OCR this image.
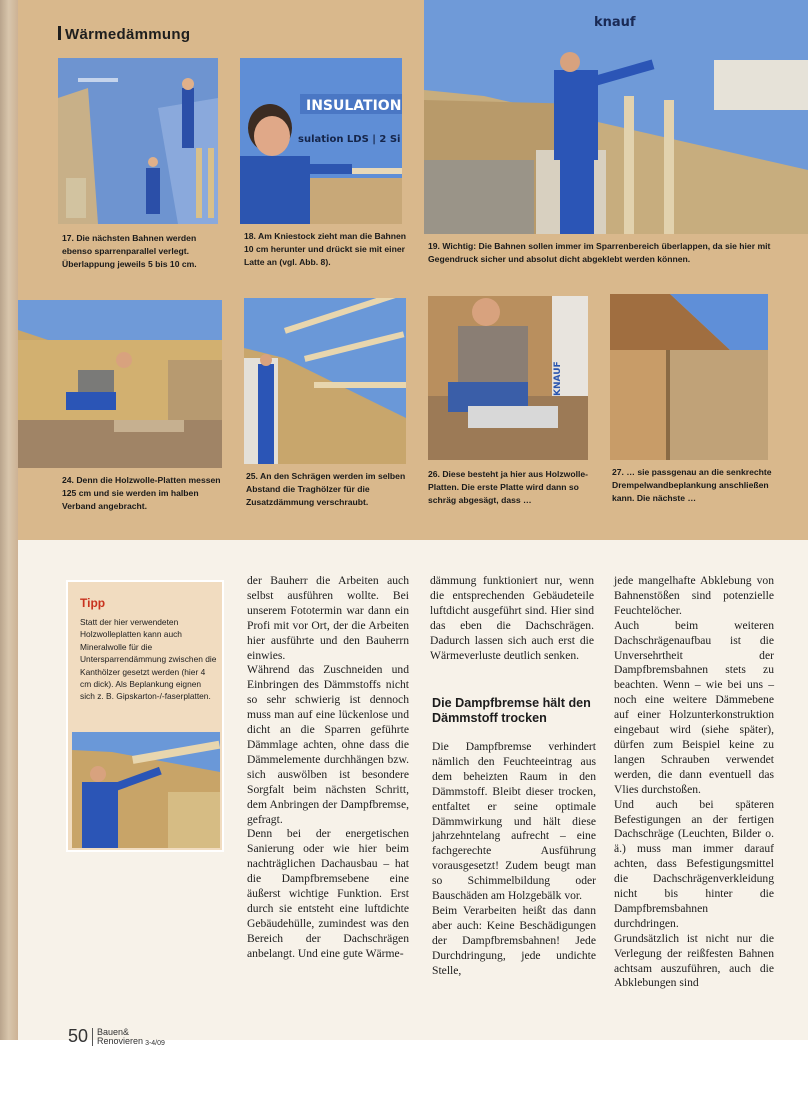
Wärmedämmung
17. Die nächsten Bahnen werden ebenso sparrenparallel verlegt. Überlappung jeweils 5 bis 10 cm.
INSULATION
sulation LDS | 2 Si
18. Am Kniestock zieht man die Bahnen 10 cm herunter und drückt sie mit einer Latte an (vgl. Abb. 8).
knauf
19. Wichtig: Die Bahnen sollen immer im Sparrenbereich überlappen, da sie hier mit Gegendruck sicher und absolut dicht abgeklebt werden können.
24. Denn die Holzwolle-Platten messen 125 cm und sie werden im halben Verband angebracht.
25. An den Schrägen werden im selben Abstand die Traghölzer für die Zusatzdämmung verschraubt.
KNAUF
26. Diese besteht ja hier aus Holzwolle-Platten. Die erste Platte wird dann so schräg abgesägt, dass …
27. … sie passgenau an die senkrechte Drempelwandbeplankung anschließen kann. Die nächste …
Tipp
Statt der hier verwendeten Holzwolleplatten kann auch Mineralwolle für die Untersparrendämmung zwischen die Kanthölzer gesetzt werden (hier 4 cm dick). Als Beplankung eignen sich z. B. Gipskarton-/-faserplatten.
der Bauherr die Arbeiten auch selbst ausführen wollte. Bei unserem Fototermin war dann ein Profi mit vor Ort, der die Arbeiten hier ausführte und den Bauherrn einwies.
Während das Zuschneiden und Einbringen des Dämmstoffs nicht so sehr schwierig ist dennoch muss man auf eine lückenlose und dicht an die Sparren geführte Dämmlage achten, ohne dass die Dämmelemente durchhängen bzw. sich auswölben ist besondere Sorgfalt beim nächsten Schritt, dem Anbringen der Dampfbremse, gefragt.
Denn bei der energetischen Sanierung oder wie hier beim nachträglichen Dachausbau – hat die Dampfbremsebene eine äußerst wichtige Funktion. Erst durch sie entsteht eine luftdichte Gebäudehülle, zumindest was den Bereich der Dachschrägen anbelangt. Und eine gute Wärme-
dämmung funktioniert nur, wenn die entsprechenden Gebäudeteile luftdicht ausgeführt sind. Hier sind das eben die Dachschrägen. Dadurch lassen sich auch erst die Wärmeverluste deutlich senken.
Die Dampfbremse hält den Dämmstoff trocken
Die Dampfbremse verhindert nämlich den Feuchteeintrag aus dem beheizten Raum in den Dämmstoff. Bleibt dieser trocken, entfaltet er seine optimale Dämmwirkung und hält diese jahrzehntelang aufrecht – eine fachgerechte Ausführung vorausgesetzt! Zudem beugt man so Schimmelbildung oder Bauschäden am Holzgebälk vor.
Beim Verarbeiten heißt das dann aber auch: Keine Beschädigungen der Dampfbremsbahnen! Jede Durchdringung, jede undichte Stelle,
jede mangelhafte Abklebung von Bahnenstößen sind potenzielle Feuchtelöcher.
Auch beim weiteren Dachschrägenaufbau ist die Unversehrtheit der Dampfbremsbahnen stets zu beachten. Wenn – wie bei uns – noch eine weitere Dämmebene auf einer Holzunterkonstruktion eingebaut wird (siehe später), dürfen zum Beispiel keine zu langen Schrauben verwendet werden, die dann eventuell das Vlies durchstoßen.
Und auch bei späteren Befestigungen an der fertigen Dachschräge (Leuchten, Bilder o. ä.) muss man immer darauf achten, dass Befestigungsmittel die Dachschrägenverkleidung nicht bis hinter die Dampfbremsbahnen durchdringen.
Grundsätzlich ist nicht nur die Verlegung der reißfesten Bahnen achtsam auszuführen, auch die Abklebungen sind
50 Bauen&
Renovieren 3-4/09
